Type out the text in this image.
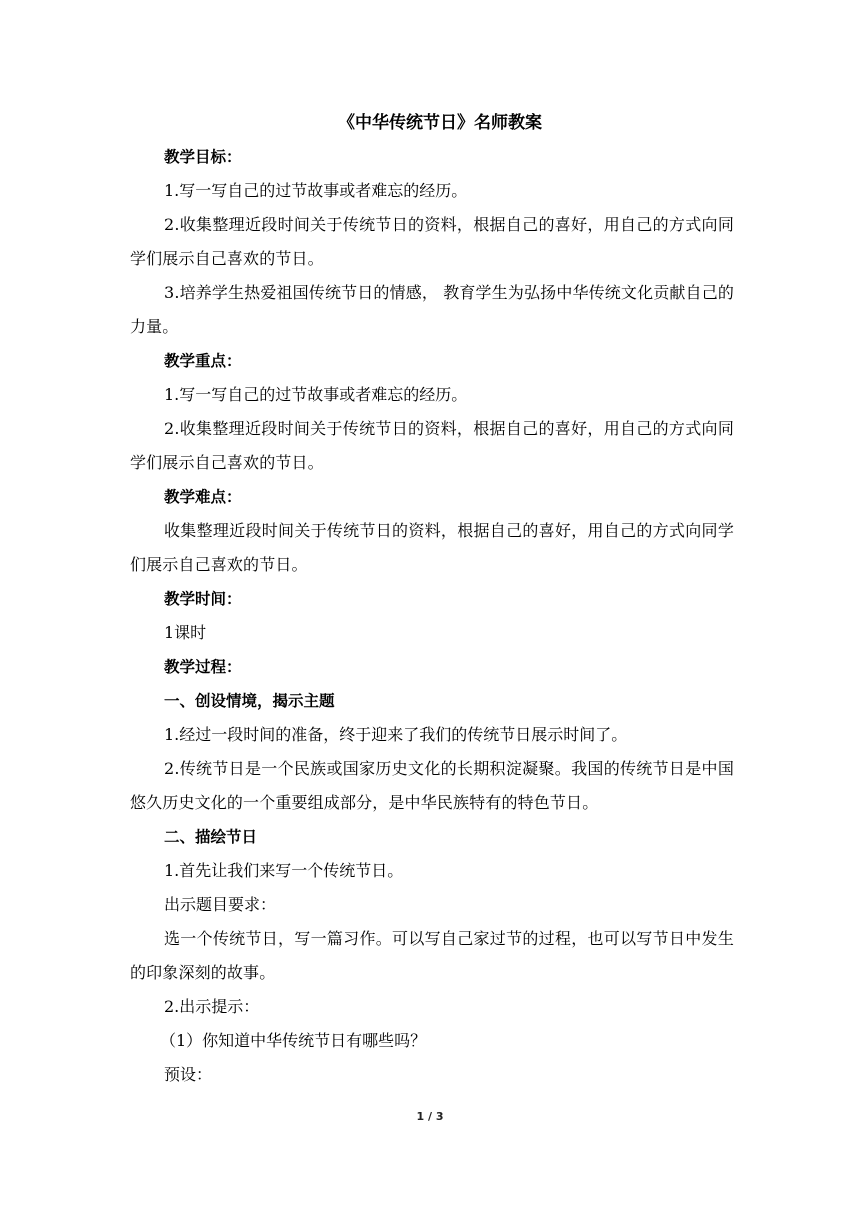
《中华传统节日》名师教案
教学目标：
1.写一写自己的过节故事或者难忘的经历。

2.收集整理近段时间关于传统节日的资料，根据自己的喜好，用自己的方式向同学们展示自己喜欢的节日。

3.培养学生热爱祖国传统节日的情感， 教育学生为弘扬中华传统文化贡献自己的力量。

教学重点：
1.写一写自己的过节故事或者难忘的经历。

2.收集整理近段时间关于传统节日的资料，根据自己的喜好，用自己的方式向同学们展示自己喜欢的节日。

教学难点：

收集整理近段时间关于传统节日的资料，根据自己的喜好，用自己的方式向同学们展示自己喜欢的节日。

教学时间：
1课时
教学过程：
一、创设情境，揭示主题
1.经过一段时间的准备，终于迎来了我们的传统节日展示时间了。

2.传统节日是一个民族或国家历史文化的长期积淀凝聚。我国的传统节日是中国悠久历史文化的一个重要组成部分，是中华民族特有的特色节日。

二、描绘节日
1.首先让我们来写一个传统节日。
出示题目要求：

选一个传统节日，写一篇习作。可以写自己家过节的过程，也可以写节日中发生的印象深刻的故事。

2.出示提示：
（1）你知道中华传统节日有哪些吗？
预设：
1 / 3
